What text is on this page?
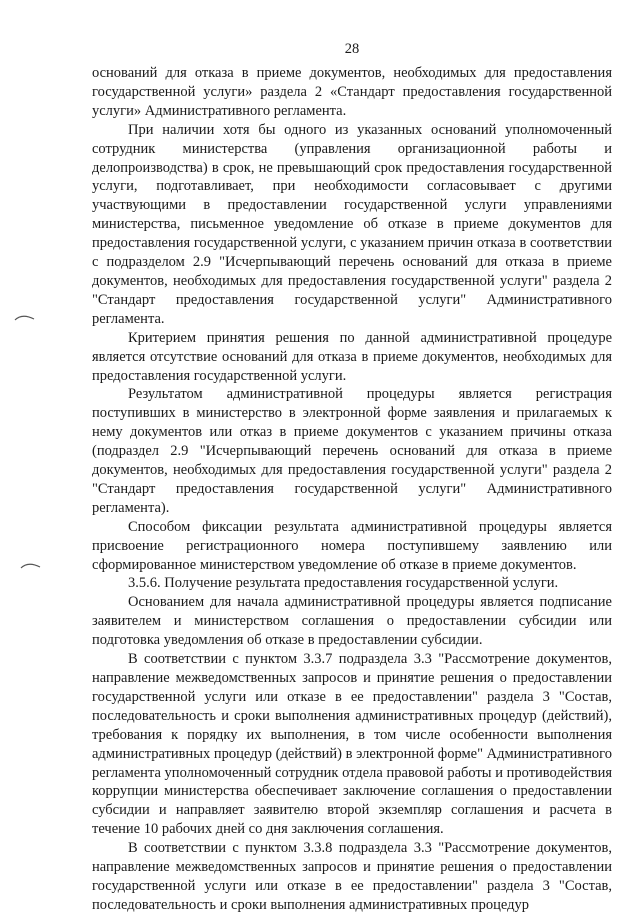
28

оснований для отказа в приеме документов, необходимых для предоставления государственной услуги» раздела 2 «Стандарт предоставления государственной услуги» Административного регламента.

При наличии хотя бы одного из указанных оснований уполномоченный сотрудник министерства (управления организационной работы и делопроизводства) в срок, не превышающий срок предоставления государственной услуги, подготавливает, при необходимости согласовывает с другими участвующими в предоставлении государственной услуги управлениями министерства, письменное уведомление об отказе в приеме документов для предоставления государственной услуги, с указанием причин отказа в соответствии с подразделом 2.9 "Исчерпывающий перечень оснований для отказа в приеме документов, необходимых для предоставления государственной услуги" раздела 2 "Стандарт предоставления государственной услуги" Административного регламента.

Критерием принятия решения по данной административной процедуре является отсутствие оснований для отказа в приеме документов, необходимых для предоставления государственной услуги.

Результатом административной процедуры является регистрация поступивших в министерство в электронной форме заявления и прилагаемых к нему документов или отказ в приеме документов с указанием причины отказа (подраздел 2.9 "Исчерпывающий перечень оснований для отказа в приеме документов, необходимых для предоставления государственной услуги" раздела 2 "Стандарт предоставления государственной услуги" Административного регламента).

Способом фиксации результата административной процедуры является присвоение регистрационного номера поступившему заявлению или сформированное министерством уведомление об отказе в приеме документов.

3.5.6. Получение результата предоставления государственной услуги.

Основанием для начала административной процедуры является подписание заявителем и министерством соглашения о предоставлении субсидии или подготовка уведомления об отказе в предоставлении субсидии.

В соответствии с пунктом 3.3.7 подраздела 3.3 "Рассмотрение документов, направление межведомственных запросов и принятие решения о предоставлении государственной услуги или отказе в ее предоставлении" раздела 3 "Состав, последовательность и сроки выполнения административных процедур (действий), требования к порядку их выполнения, в том числе особенности выполнения административных процедур (действий) в электронной форме" Административного регламента уполномоченный сотрудник отдела правовой работы и противодействия коррупции министерства обеспечивает заключение соглашения о предоставлении субсидии и направляет заявителю второй экземпляр соглашения и расчета в течение 10 рабочих дней со дня заключения соглашения.

В соответствии с пунктом 3.3.8 подраздела 3.3 "Рассмотрение документов, направление межведомственных запросов и принятие решения о предоставлении государственной услуги или отказе в ее предоставлении" раздела 3 "Состав, последовательность и сроки выполнения административных процедур
